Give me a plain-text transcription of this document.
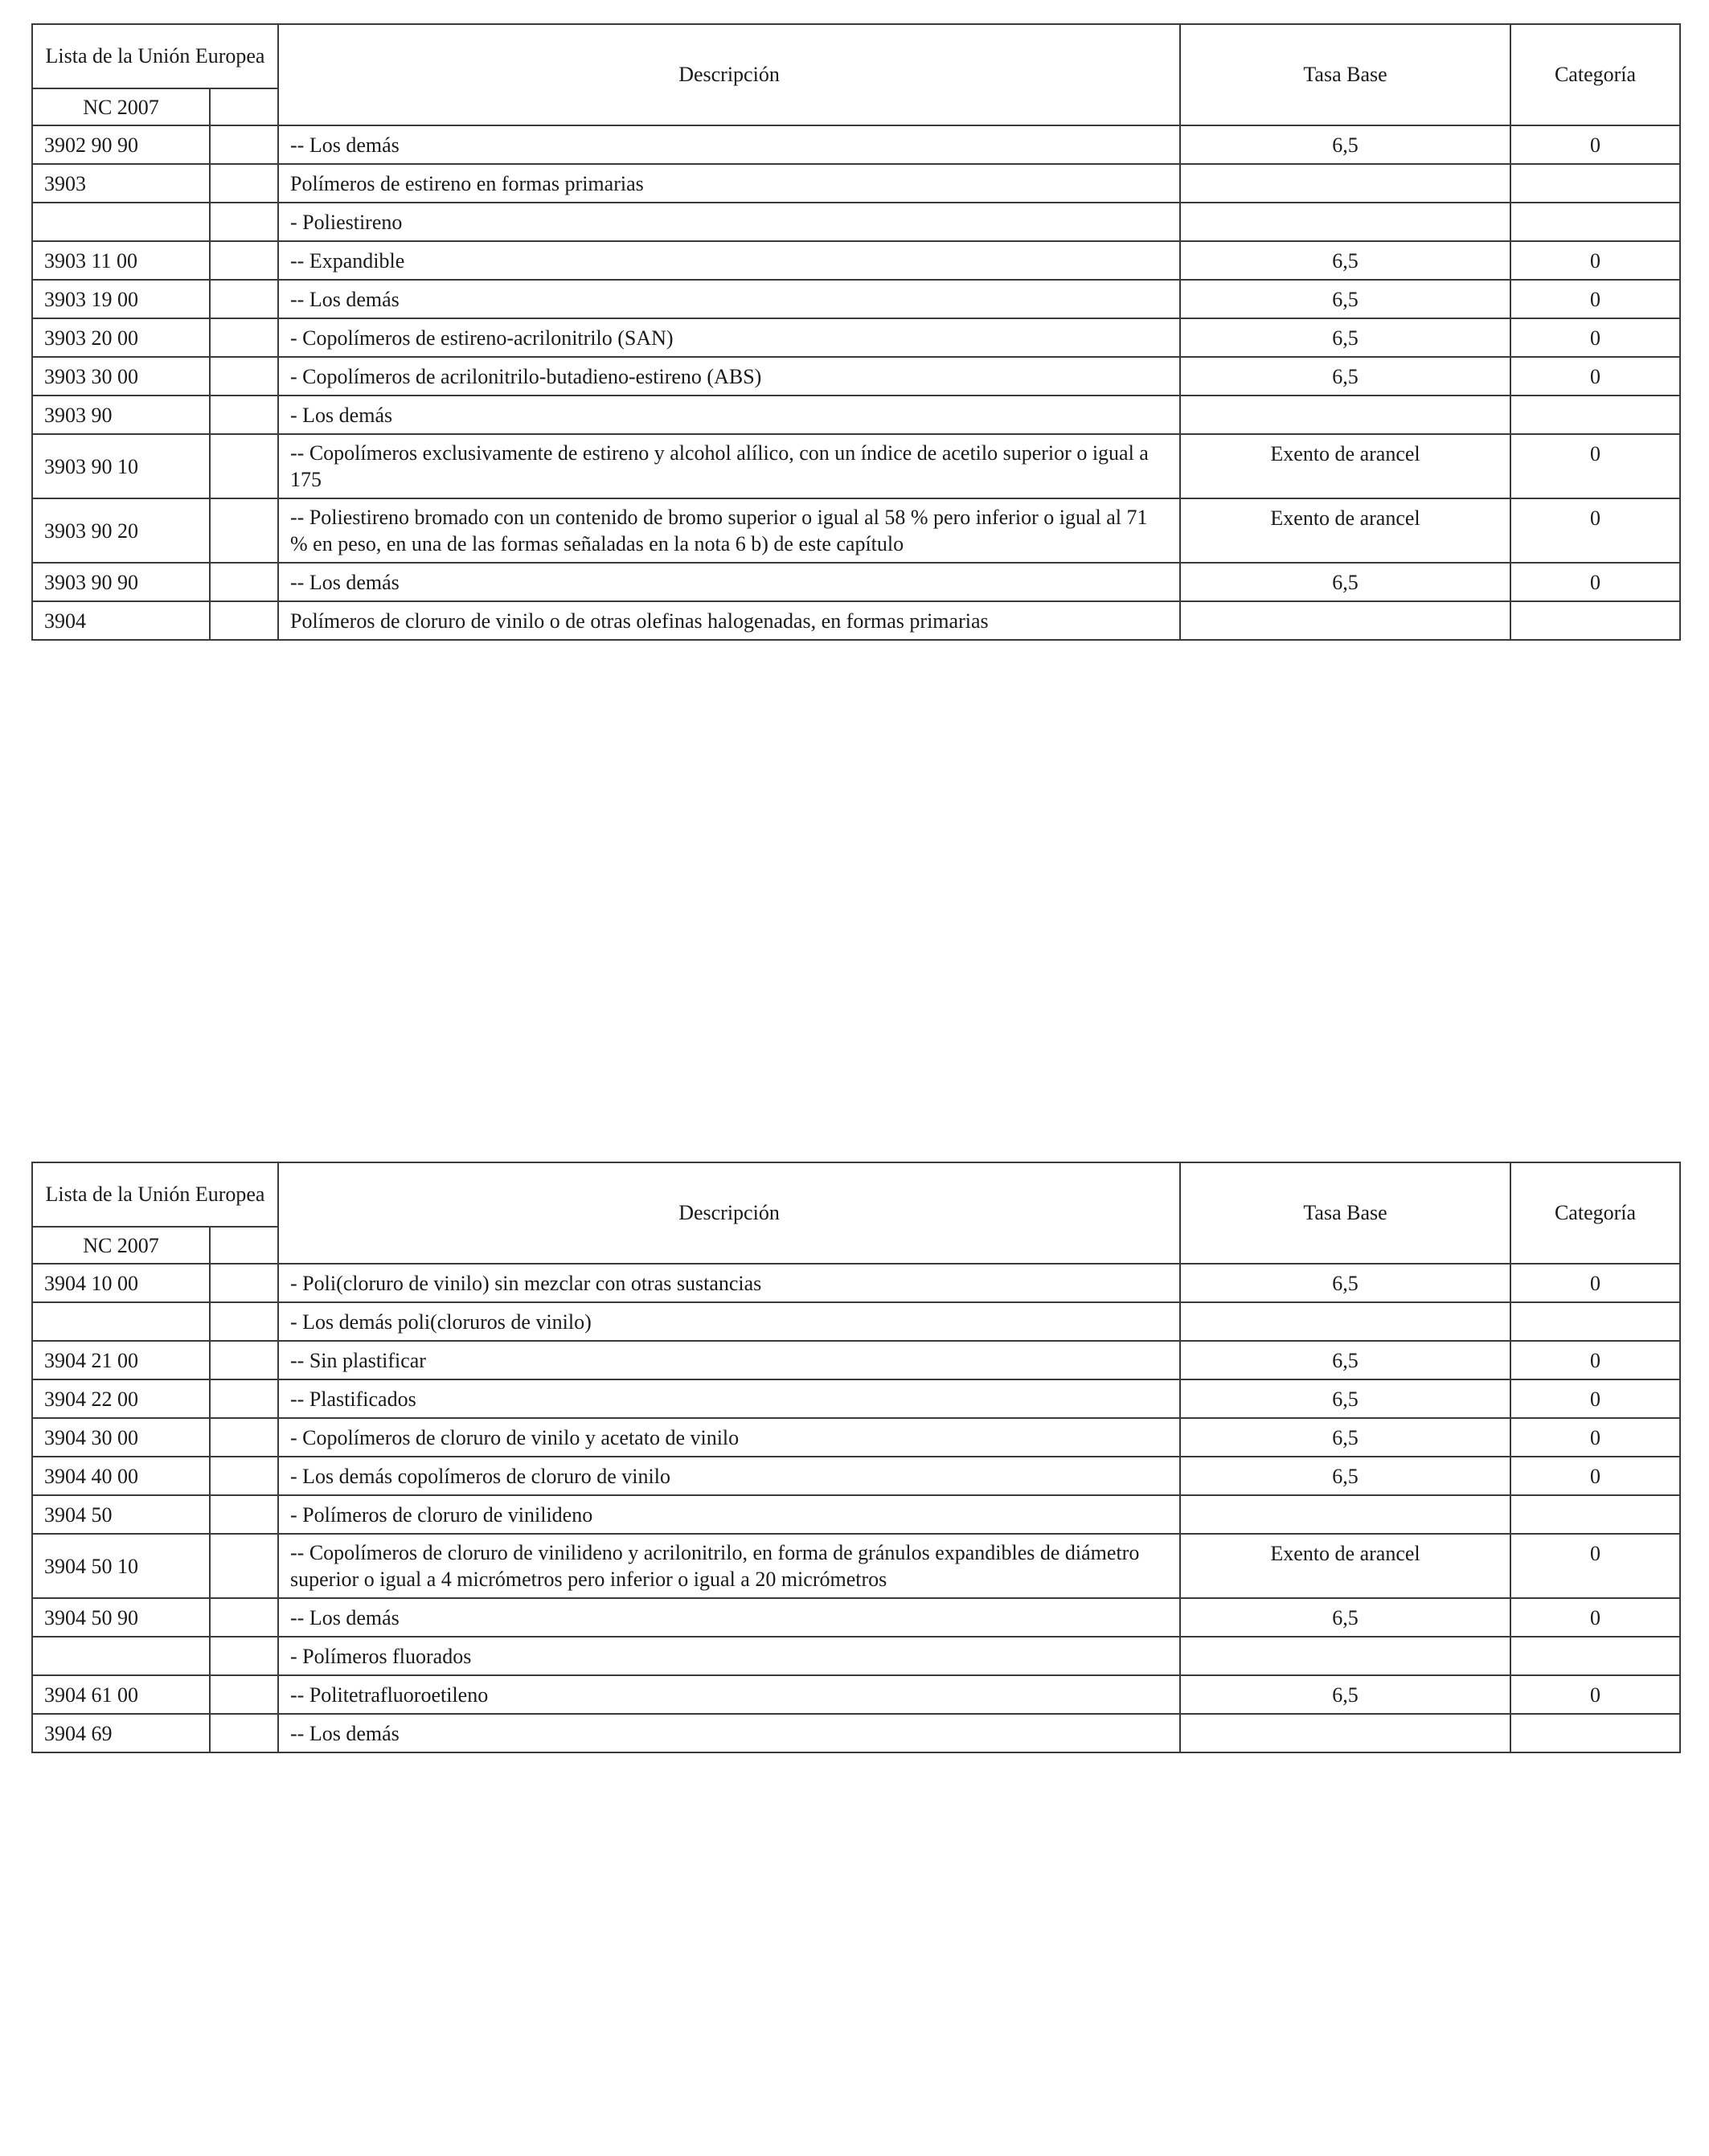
Lista de la Unión Europea		Descripción	Tasa Base	Categoría
NC 2007				
3902 90 90		-- Los demás	6,5	0
3903		Polímeros de estireno en formas primarias		
		- Poliestireno		
3903 11 00		-- Expandible	6,5	0
3903 19 00		-- Los demás	6,5	0
3903 20 00		- Copolímeros de estireno-acrilonitrilo (SAN)	6,5	0
3903 30 00		- Copolímeros de acrilonitrilo-butadieno-estireno (ABS)	6,5	0
3903 90		- Los demás		
3903 90 10		-- Copolímeros exclusivamente de estireno y alcohol alílico, con un índice de acetilo superior o igual a 175	Exento de arancel	0
3903 90 20		-- Poliestireno bromado con un contenido de bromo superior o igual al 58 % pero inferior o igual al 71 % en peso, en una de las formas señaladas en la nota 6 b) de este capítulo	Exento de arancel	0
3903 90 90		-- Los demás	6,5	0
3904		Polímeros de cloruro de vinilo o de otras olefinas halogenadas, en formas primarias		
Lista de la Unión Europea		Descripción	Tasa Base	Categoría
NC 2007				
3904 10 00		- Poli(cloruro de vinilo) sin mezclar con otras sustancias	6,5	0
		- Los demás poli(cloruros de vinilo)		
3904 21 00		-- Sin plastificar	6,5	0
3904 22 00		-- Plastificados	6,5	0
3904 30 00		- Copolímeros de cloruro de vinilo y acetato de vinilo	6,5	0
3904 40 00		- Los demás copolímeros de cloruro de vinilo	6,5	0
3904 50		- Polímeros de cloruro de vinilideno		
3904 50 10		-- Copolímeros de cloruro de vinilideno y acrilonitrilo, en forma de gránulos expandibles de diámetro superior o igual a 4 micrómetros pero inferior o igual a 20 micrómetros	Exento de arancel	0
3904 50 90		-- Los demás	6,5	0
		- Polímeros fluorados		
3904 61 00		-- Politetrafluoroetileno	6,5	0
3904 69		-- Los demás		
